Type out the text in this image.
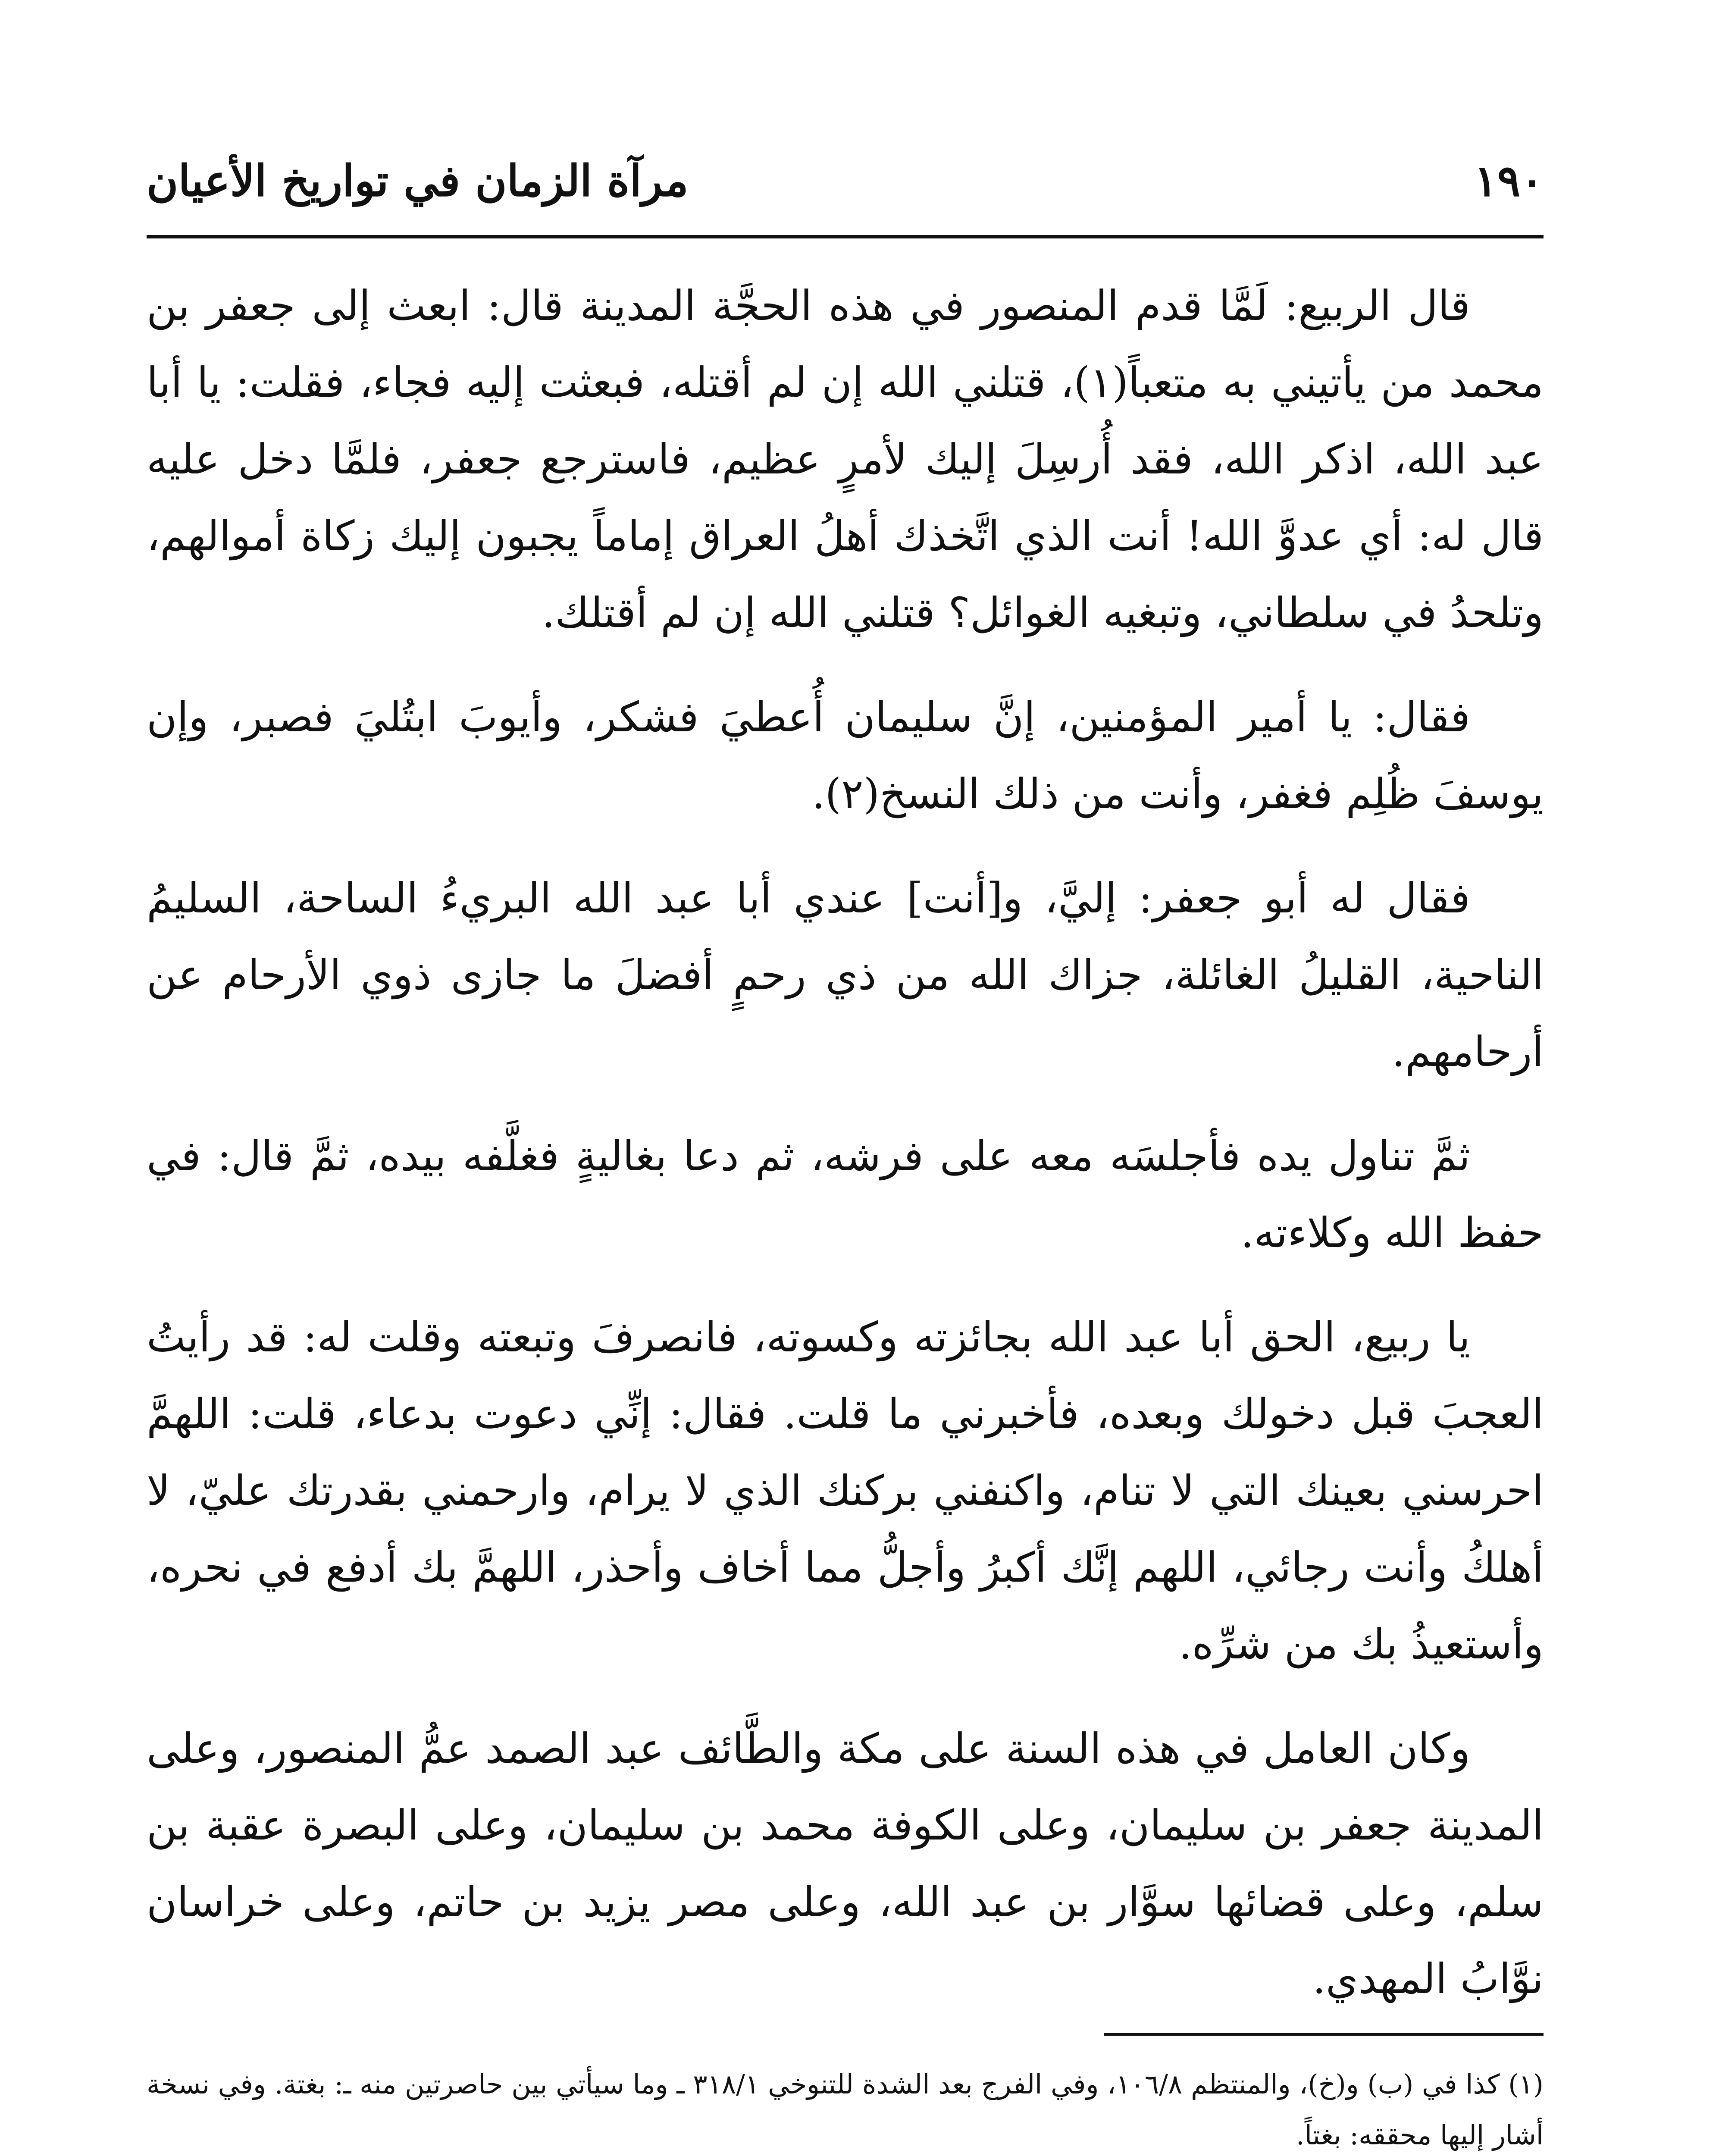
١٩٠
مرآة الزمان في تواريخ الأعيان

قال الربيع: لَمَّا قدم المنصور في هذه الحجَّة المدينة قال: ابعث إلى جعفر بن محمد من يأتيني به متعباً(١)، قتلني الله إن لم أقتله، فبعثت إليه فجاء، فقلت: يا أبا عبد الله، اذكر الله، فقد أُرسِلَ إليك لأمرٍ عظيم، فاسترجع جعفر، فلمَّا دخل عليه قال له: أي عدوَّ الله! أنت الذي اتَّخذك أهلُ العراق إماماً يجبون إليك زكاة أموالهم، وتلحدُ في سلطاني، وتبغيه الغوائل؟ قتلني الله إن لم أقتلك.

فقال: يا أمير المؤمنين، إنَّ سليمان أُعطيَ فشكر، وأيوبَ ابتُليَ فصبر، وإن يوسفَ ظُلِم فغفر، وأنت من ذلك النسخ(٢).

فقال له أبو جعفر: إليَّ، و[أنت] عندي أبا عبد الله البريءُ الساحة، السليمُ الناحية، القليلُ الغائلة، جزاك الله من ذي رحمٍ أفضلَ ما جازى ذوي الأرحام عن أرحامهم.

ثمَّ تناول يده فأجلسَه معه على فرشه، ثم دعا بغاليةٍ فغلَّفه بيده، ثمَّ قال: في حفظ الله وكلاءته.

يا ربيع، الحق أبا عبد الله بجائزته وكسوته، فانصرفَ وتبعته وقلت له: قد رأيتُ العجبَ قبل دخولك وبعده، فأخبرني ما قلت. فقال: إنِّي دعوت بدعاء، قلت: اللهمَّ احرسني بعينك التي لا تنام، واكنفني بركنك الذي لا يرام، وارحمني بقدرتك عليّ، لا أهلكُ وأنت رجائي، اللهم إنَّك أكبرُ وأجلُّ مما أخاف وأحذر، اللهمَّ بك أدفع في نحره، وأستعيذُ بك من شرِّه.

وكان العامل في هذه السنة على مكة والطَّائف عبد الصمد عمُّ المنصور، وعلى المدينة جعفر بن سليمان، وعلى الكوفة محمد بن سليمان، وعلى البصرة عقبة بن سلم، وعلى قضائها سوَّار بن عبد الله، وعلى مصر يزيد بن حاتم، وعلى خراسان نوَّابُ المهدي.

(١) كذا في (ب) و(خ)، والمنتظم ١٠٦/٨، وفي الفرج بعد الشدة للتنوخي ٣١٨/١ ـ وما سيأتي بين حاصرتين منه ـ: بغتة. وفي نسخة أشار إليها محققه: بغتاً.
